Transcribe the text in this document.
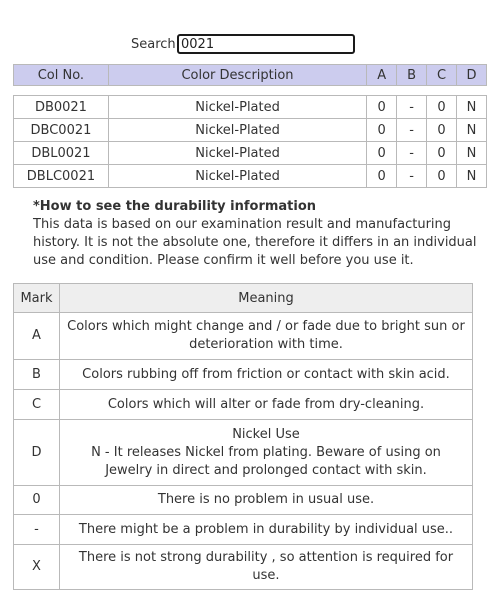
Search
0021
Col No.	Color Description	A	B	C	D
DB0021	Nickel-Plated	0	-	0	N
DBC0021	Nickel-Plated	0	-	0	N
DBL0021	Nickel-Plated	0	-	0	N
DBLC0021	Nickel-Plated	0	-	0	N
*How to see the durability information
This data is based on our examination result and manufacturing history. It is not the absolute one, therefore it differs in an individual use and condition. Please confirm it well before you use it.
Mark	Meaning
A	Colors which might change and / or fade due to bright sun or deterioration with time.
B	Colors rubbing off from friction or contact with skin acid.
C	Colors which will alter or fade from dry-cleaning.
D	Nickel Use
N - It releases Nickel from plating. Beware of using on Jewelry in direct and prolonged contact with skin.

0	There is no problem in usual use.
-	There might be a problem in durability by individual use..
X	There is not strong durability , so attention is required for use.
